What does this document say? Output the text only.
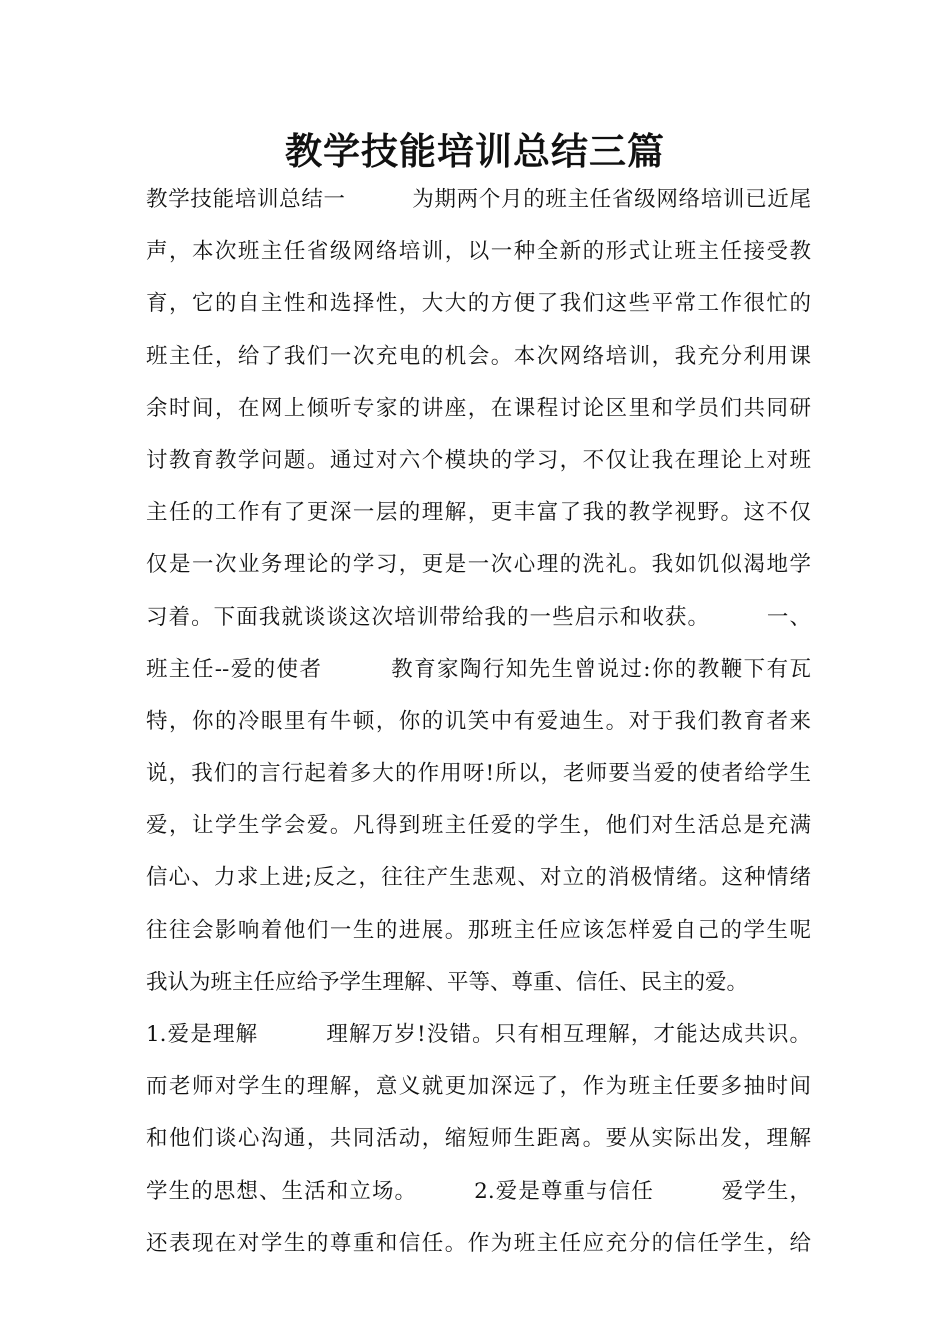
教学技能培训总结三篇
教学技能培训总结一　　　为期两个月的班主任省级网络培训已近尾
声，本次班主任省级网络培训，以一种全新的形式让班主任接受教
育，它的自主性和选择性，大大的方便了我们这些平常工作很忙的
班主任，给了我们一次充电的机会。本次网络培训，我充分利用课
余时间，在网上倾听专家的讲座，在课程讨论区里和学员们共同研
讨教育教学问题。通过对六个模块的学习，不仅让我在理论上对班
主任的工作有了更深一层的理解，更丰富了我的教学视野。这不仅
仅是一次业务理论的学习，更是一次心理的洗礼。我如饥似渴地学
习着。下面我就谈谈这次培训带给我的一些启示和收获。　　　一、
班主任--爱的使者　　　教育家陶行知先生曾说过:你的教鞭下有瓦
特，你的冷眼里有牛顿，你的讥笑中有爱迪生。对于我们教育者来
说，我们的言行起着多大的作用呀!所以，老师要当爱的使者给学生
爱，让学生学会爱。凡得到班主任爱的学生，他们对生活总是充满
信心、力求上进;反之，往往产生悲观、对立的消极情绪。这种情绪
往往会影响着他们一生的进展。那班主任应该怎样爱自己的学生呢
我认为班主任应给予学生理解、平等、尊重、信任、民主的爱。
1.爱是理解　　　理解万岁!没错。只有相互理解，才能达成共识。
而老师对学生的理解，意义就更加深远了，作为班主任要多抽时间
和他们谈心沟通，共同活动，缩短师生距离。要从实际出发，理解
学生的思想、生活和立场。　　　2.爱是尊重与信任　　　爱学生，
还表现在对学生的尊重和信任。作为班主任应充分的信任学生，给
